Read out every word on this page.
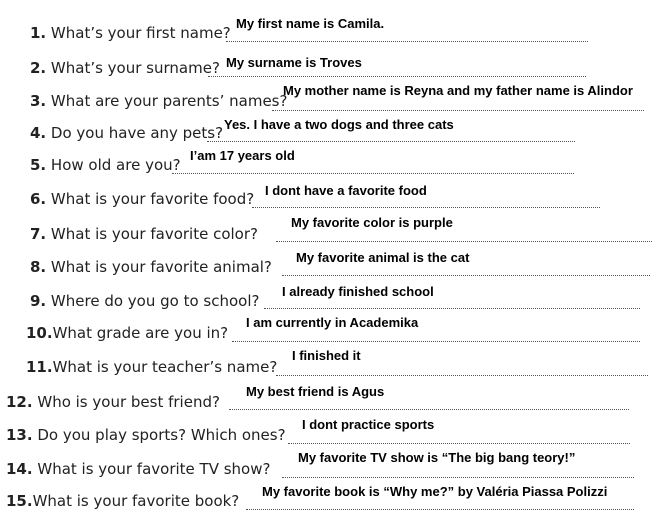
1. What’s your first name?
My first name is Camila.
2. What’s your surname? My surname is Troves
3. What are your parents’ names?
My mother name is Reyna and my father name is Alindor
4. Do you have any pets? Yes. I have a two dogs and three cats
5. How old are you?
I’am 17 years old
6. What is your favorite food? I dont have a favorite food
7. What is your favorite color?
My favorite color is purple
8. What is your favorite animal?
My favorite animal is the cat
9. Where do you go to school?
I already finished school
10.What grade are you in?
I am currently in Academika
11.What is your teacher’s name?
I finished it
12. Who is your best friend?
My best friend is Agus
13. Do you play sports? Which ones?
I dont practice sports
14. What is your favorite TV show?
My favorite TV show is “The big bang teory!”
15.What is your favorite book?
My favorite book is “Why me?” by Valéria Piassa Polizzi
